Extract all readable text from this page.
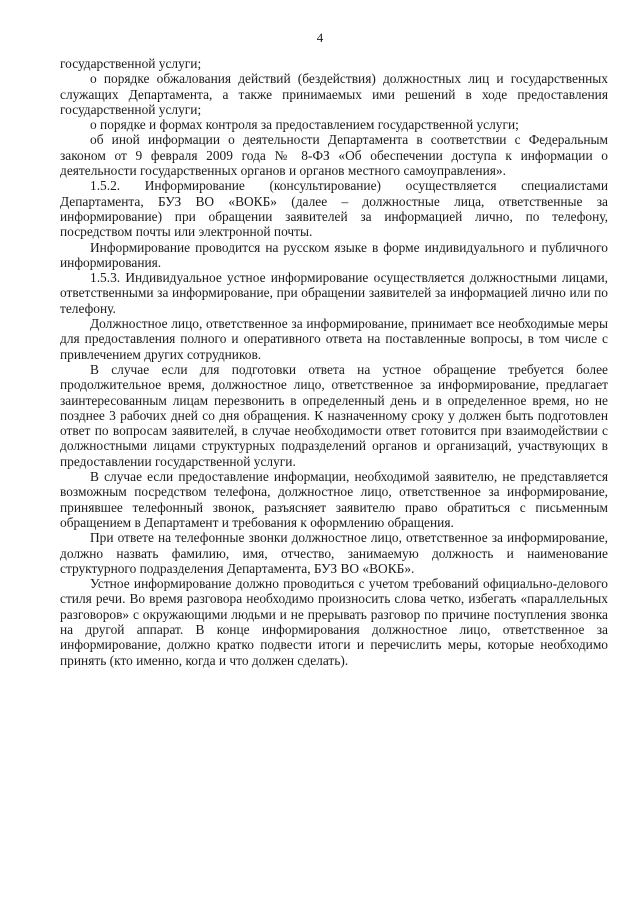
4

государственной услуги;

о порядке обжалования действий (бездействия) должностных лиц и государственных служащих Департамента, а также принимаемых ими решений в ходе предоставления государственной услуги;

о порядке и формах контроля за предоставлением государственной услуги;

об иной информации о деятельности Департамента в соответствии с Федеральным законом от 9 февраля 2009 года № 8-ФЗ «Об обеспечении доступа к информации о деятельности государственных органов и органов местного самоуправления».

1.5.2. Информирование (консультирование) осуществляется специалистами Департамента, БУЗ ВО «ВОКБ» (далее – должностные лица, ответственные за информирование) при обращении заявителей за информацией лично, по телефону, посредством почты или электронной почты.

Информирование проводится на русском языке в форме индивидуального и публичного информирования.

1.5.3. Индивидуальное устное информирование осуществляется должностными лицами, ответственными за информирование, при обращении заявителей за информацией лично или по телефону.

Должностное лицо, ответственное за информирование, принимает все необходимые меры для предоставления полного и оперативного ответа на поставленные вопросы, в том числе с привлечением других сотрудников.

В случае если для подготовки ответа на устное обращение требуется более продолжительное время, должностное лицо, ответственное за информирование, предлагает заинтересованным лицам перезвонить в определенный день и в определенное время, но не позднее 3 рабочих дней со дня обращения. К назначенному сроку у должен быть подготовлен ответ по вопросам заявителей, в случае необходимости ответ готовится при взаимодействии с должностными лицами структурных подразделений органов и организаций, участвующих в предоставлении государственной услуги.

В случае если предоставление информации, необходимой заявителю, не представляется возможным посредством телефона, должностное лицо, ответственное за информирование, принявшее телефонный звонок, разъясняет заявителю право обратиться с письменным обращением в Департамент и требования к оформлению обращения.

При ответе на телефонные звонки должностное лицо, ответственное за информирование, должно назвать фамилию, имя, отчество, занимаемую должность и наименование структурного подразделения Департамента, БУЗ ВО «ВОКБ».

Устное информирование должно проводиться с учетом требований официально-делового стиля речи. Во время разговора необходимо произносить слова четко, избегать «параллельных разговоров» с окружающими людьми и не прерывать разговор по причине поступления звонка на другой аппарат. В конце информирования должностное лицо, ответственное за информирование, должно кратко подвести итоги и перечислить меры, которые необходимо принять (кто именно, когда и что должен сделать).
